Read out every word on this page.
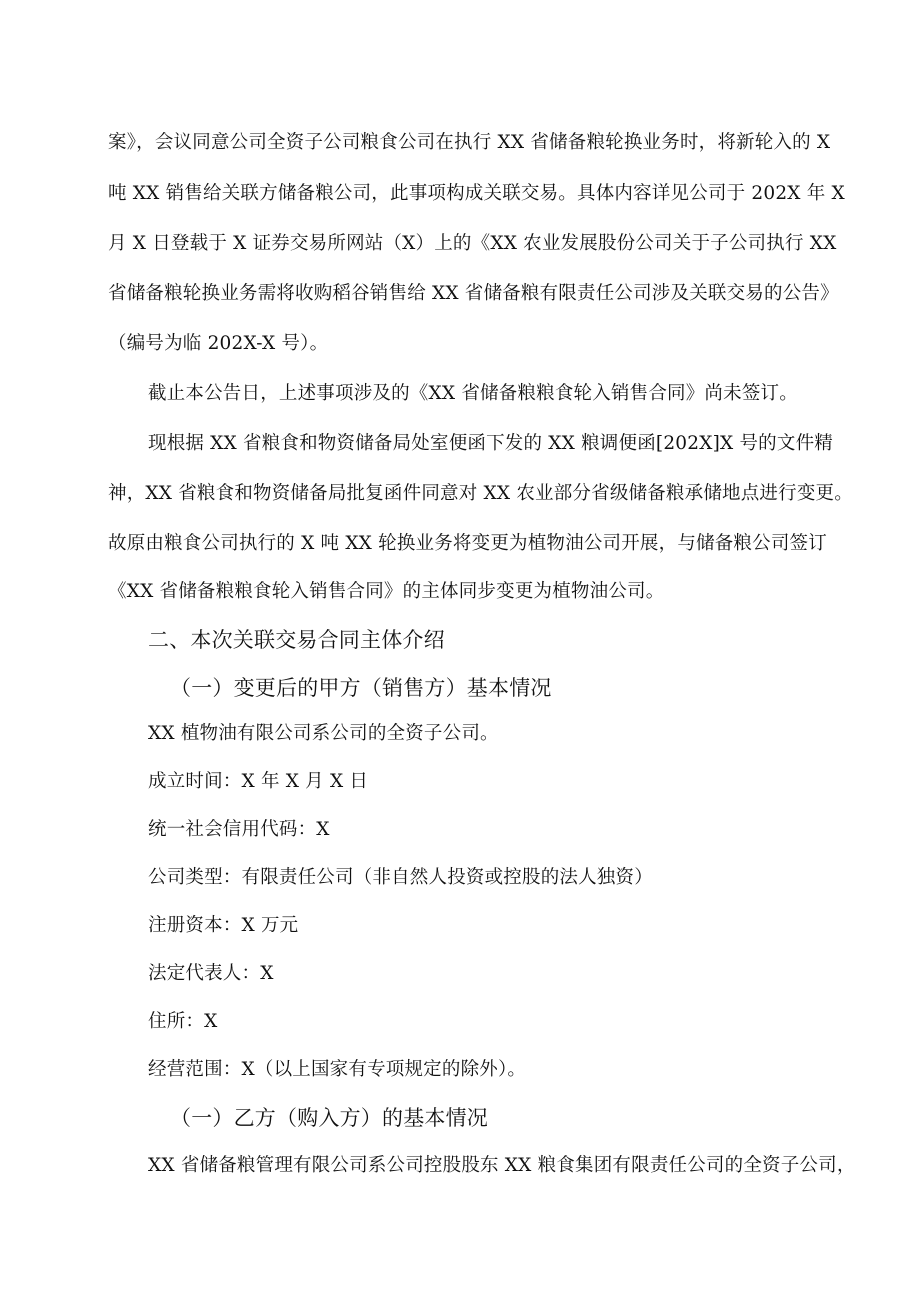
案》，会议同意公司全资子公司粮食公司在执行 XX 省储备粮轮换业务时，将新轮入的 X
吨 XX 销售给关联方储备粮公司，此事项构成关联交易。具体内容详见公司于 202X 年 X
月 X 日登载于 X 证券交易所网站（X）上的《XX 农业发展股份公司关于子公司执行 XX
省储备粮轮换业务需将收购稻谷销售给 XX 省储备粮有限责任公司涉及关联交易的公告》
（编号为临 202X-X 号）。
截止本公告日，上述事项涉及的《XX 省储备粮粮食轮入销售合同》尚未签订。
现根据 XX 省粮食和物资储备局处室便函下发的 XX 粮调便函[202X]X 号的文件精
神，XX 省粮食和物资储备局批复函件同意对 XX 农业部分省级储备粮承储地点进行变更。
故原由粮食公司执行的 X 吨 XX 轮换业务将变更为植物油公司开展，与储备粮公司签订
《XX 省储备粮粮食轮入销售合同》的主体同步变更为植物油公司。
二、本次关联交易合同主体介绍
（一）变更后的甲方（销售方）基本情况
XX 植物油有限公司系公司的全资子公司。
成立时间：X 年 X 月 X 日
统一社会信用代码：X
公司类型：有限责任公司（非自然人投资或控股的法人独资）
注册资本：X 万元
法定代表人：X
住所：X
经营范围：X（以上国家有专项规定的除外）。
（一）乙方（购入方）的基本情况
XX 省储备粮管理有限公司系公司控股股东 XX 粮食集团有限责任公司的全资子公司，
